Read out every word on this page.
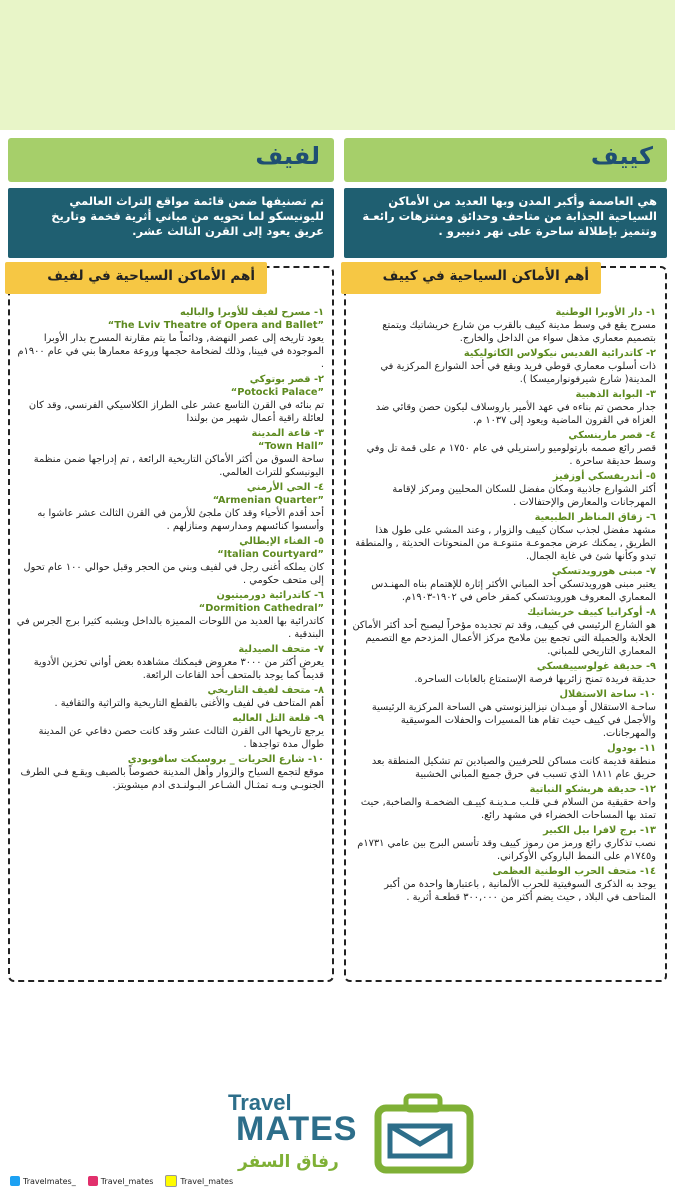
كييف
هي العاصمة وأكبر المدن وبها العديد من الأماكن السياحية الجذابة من متاحف وحدائق ومنتزهات رائعـة وتتميز بإطلالة ساحرة على نهر دنيبرو .
أهم الأماكن السياحية في كييف
١- دار الأوبرا الوطنية
مسرح يقع في وسط مدينة كييف بالقرب من شارع خريشاتيك ويتمتع بتصميم معماري مذهل سواء من الداخل والخارج.
٢- كاتدرائية القديس نيكولاس الكاثوليكية
ذات أسلوب معماري قوطي فريد ويقع في أحد الشوارع المركزية في المدينة( شارع شيرفونوارميسكا ).
٣- البوابة الذهبية
جدار محصن تم بناءه في عهد الأمير ياروسلاف ليكون حصن وقائي ضد الغزاة في القرون الماضية ويعود إلى ١٠٣٧ م.
٤- قصر مارينسكي
قصر رائع صممه بارتولوميو راستريلي في عام ١٧٥٠ م على قمة تل وفي وسط حديقة ساحرة .
٥- أندريفسكي أوزفيز
أكثر الشوارع جاذبية ومكان مفضل للسكان المحليين ومركز لإقامة المهرجانات والمعارض والإحتفالات .
٦- زقاق المناظر الطبيعية
مشهد مفضل لجذب سكان كييف والزوار , وعند المشي على طول هذا الطريق , يمكنك عرض مجموعـة متنوعـة من المنحوتات الحديثة , والمنطقة تبدو وكأنها شئ في غاية الجمال.
٧- مبنى هورويدتسكي
يعتبر مبنى هورويدتسكي أحد المباني الأكثر إثارة للإهتمام بناه المهنـدس المعماري المعروف هورويدتسكي كمقر خاص في ١٩٠٢-١٩٠٣م.
٨- أوكرانيا كييف خريشاتيك
هو الشارع الرئيسي في كييف, وقد تم تجديده مؤخراً ليصبح أحد أكثر الأماكن الخلابة والجميلة التي تجمع بين ملامح مركز الأعمال المزدحم مع التصميم المعماري التاريخي للمباني.
٩- حديقة غولوسييفسكي
حديقة فريدة تمنح زائريها فرصة الإستمتاع بالغابات الساحرة.
١٠- ساحة الاستقلال
ساحـة الاستقلال أو ميـدان نيزاليزنوستي هي الساحة المركزية الرئيسية والأجمل في كييف حيث تقام هنا المسيرات والحفلات الموسيقية والمهرجانات.
١١- بودول
منطقة قديمة كانت مساكن للحرفيين والصيادين تم تشكيل المنطقة بعد حريق عام ١٨١١ الذي تسبب في حرق جميع المباني الخشبية
١٢- حديقة هريشكو النباتية
واحة حقيقية من السلام فـي قلـب مـدينـة كييـف الضخمـة والصاخبة, حيث تمتد بها المساحات الخضراء في مشهد رائع.
١٣- برج لافرا بيل الكبير
نصب تذكاري رائع ورمز من رموز كييف وقد تأسس البرج بين عامي ١٧٣١م و١٧٤٥م على النمط الباروكي الأوكراني.
١٤- متحف الحرب الوطنية العظمى
يوجد به الذكرى السوفيتية للحرب الألمانية , باعتبارها واحدة من أكبر المتاحف في البلاد , حيث يضم أكثر من ٣٠٠,٠٠٠ قطعـة أثرية .
لفيف
تم تصنيفها ضمن قائمة مواقع التراث العالمي لليونيسكو لما تحويه من مباني أثرية فخمة وتاريخ عريق يعود إلى القرن الثالث عشر.
أهم الأماكن السياحية في لفيف
١- مسرح لفيف للأوبرا والباليه
“The Lviv Theatre of Opera and Ballet”
يعود تاريخه إلى عصر النهضة, ودائماً ما يتم مقارنة المسرح بدار الأوبرا الموجودة في فيينا, وذلك لضخامة حجمها وروعة معمارها بني في عام ١٩٠٠م .
٢- قصر بوتوكي
“Potocki Palace”
تم بنائه في القرن التاسع عشر على الطراز الكلاسيكي الفرنسي, وقد كان لعائلة راقية أعمال شهير من بولندا
٣- قاعة المدينة
“Town Hall”
ساحة السوق من أكثر الأماكن التاريخية الرائعة , تم إدراجها ضمن منظمة اليونيسكو للتراث العالمي.
٤- الحي الأرمني
“Armenian Quarter”
أحد أقدم الأحياء وقد كان ملجئ للأرمن في القرن الثالث عشر عاشوا به وأسسوا كنائسهم ومدارسهم ومنازلهم .
٥- الفناء الإيطالي
“Italian Courtyard”
كان يملكه أغنى رجل في لفيف وبني من الحجر وقبل حوالي ١٠٠ عام تحول إلى متحف حكومي .
٦- كاتدرائية دورميتيون
“Dormition Cathedral”
كاتدرائية بها العديد من اللوحات المميزة بالداخل ويشبه كثيرا برج الجرس في البندقية .
٧- متحف الصيدلية
يعرض أكثر من ٣٠٠٠ معروض فيمكنك مشاهدة بعض أواني تخزين الأدوية قديماً كما يوجد بالمتحف أحد القاعات الرائعة.
٨- متحف لفيف التاريخي
أهم المتاحف في لفيف والأغنى بالقطع التاريخية والتراثية والثقافية .
٩- قلعة التل العاليه
يرجع تاريخها الى القرن الثالث عشر وقد كانت حصن دفاعي عن المدينة طوال مدة تواجدها .
١٠- شارع الحريات _ بروسبكت سافوبودي
موقع لتجمع السياح والزوار وأهل المدينة خصوصاً بالصيف ويقـع فـي الطرف الجنوبـي وبـه تمثـال الشـاعر البـولنـدى ادم ميشويتز.
Travel
MATES
رفاق السفر
Travelmates_	Travel_mates	Travel_mates
